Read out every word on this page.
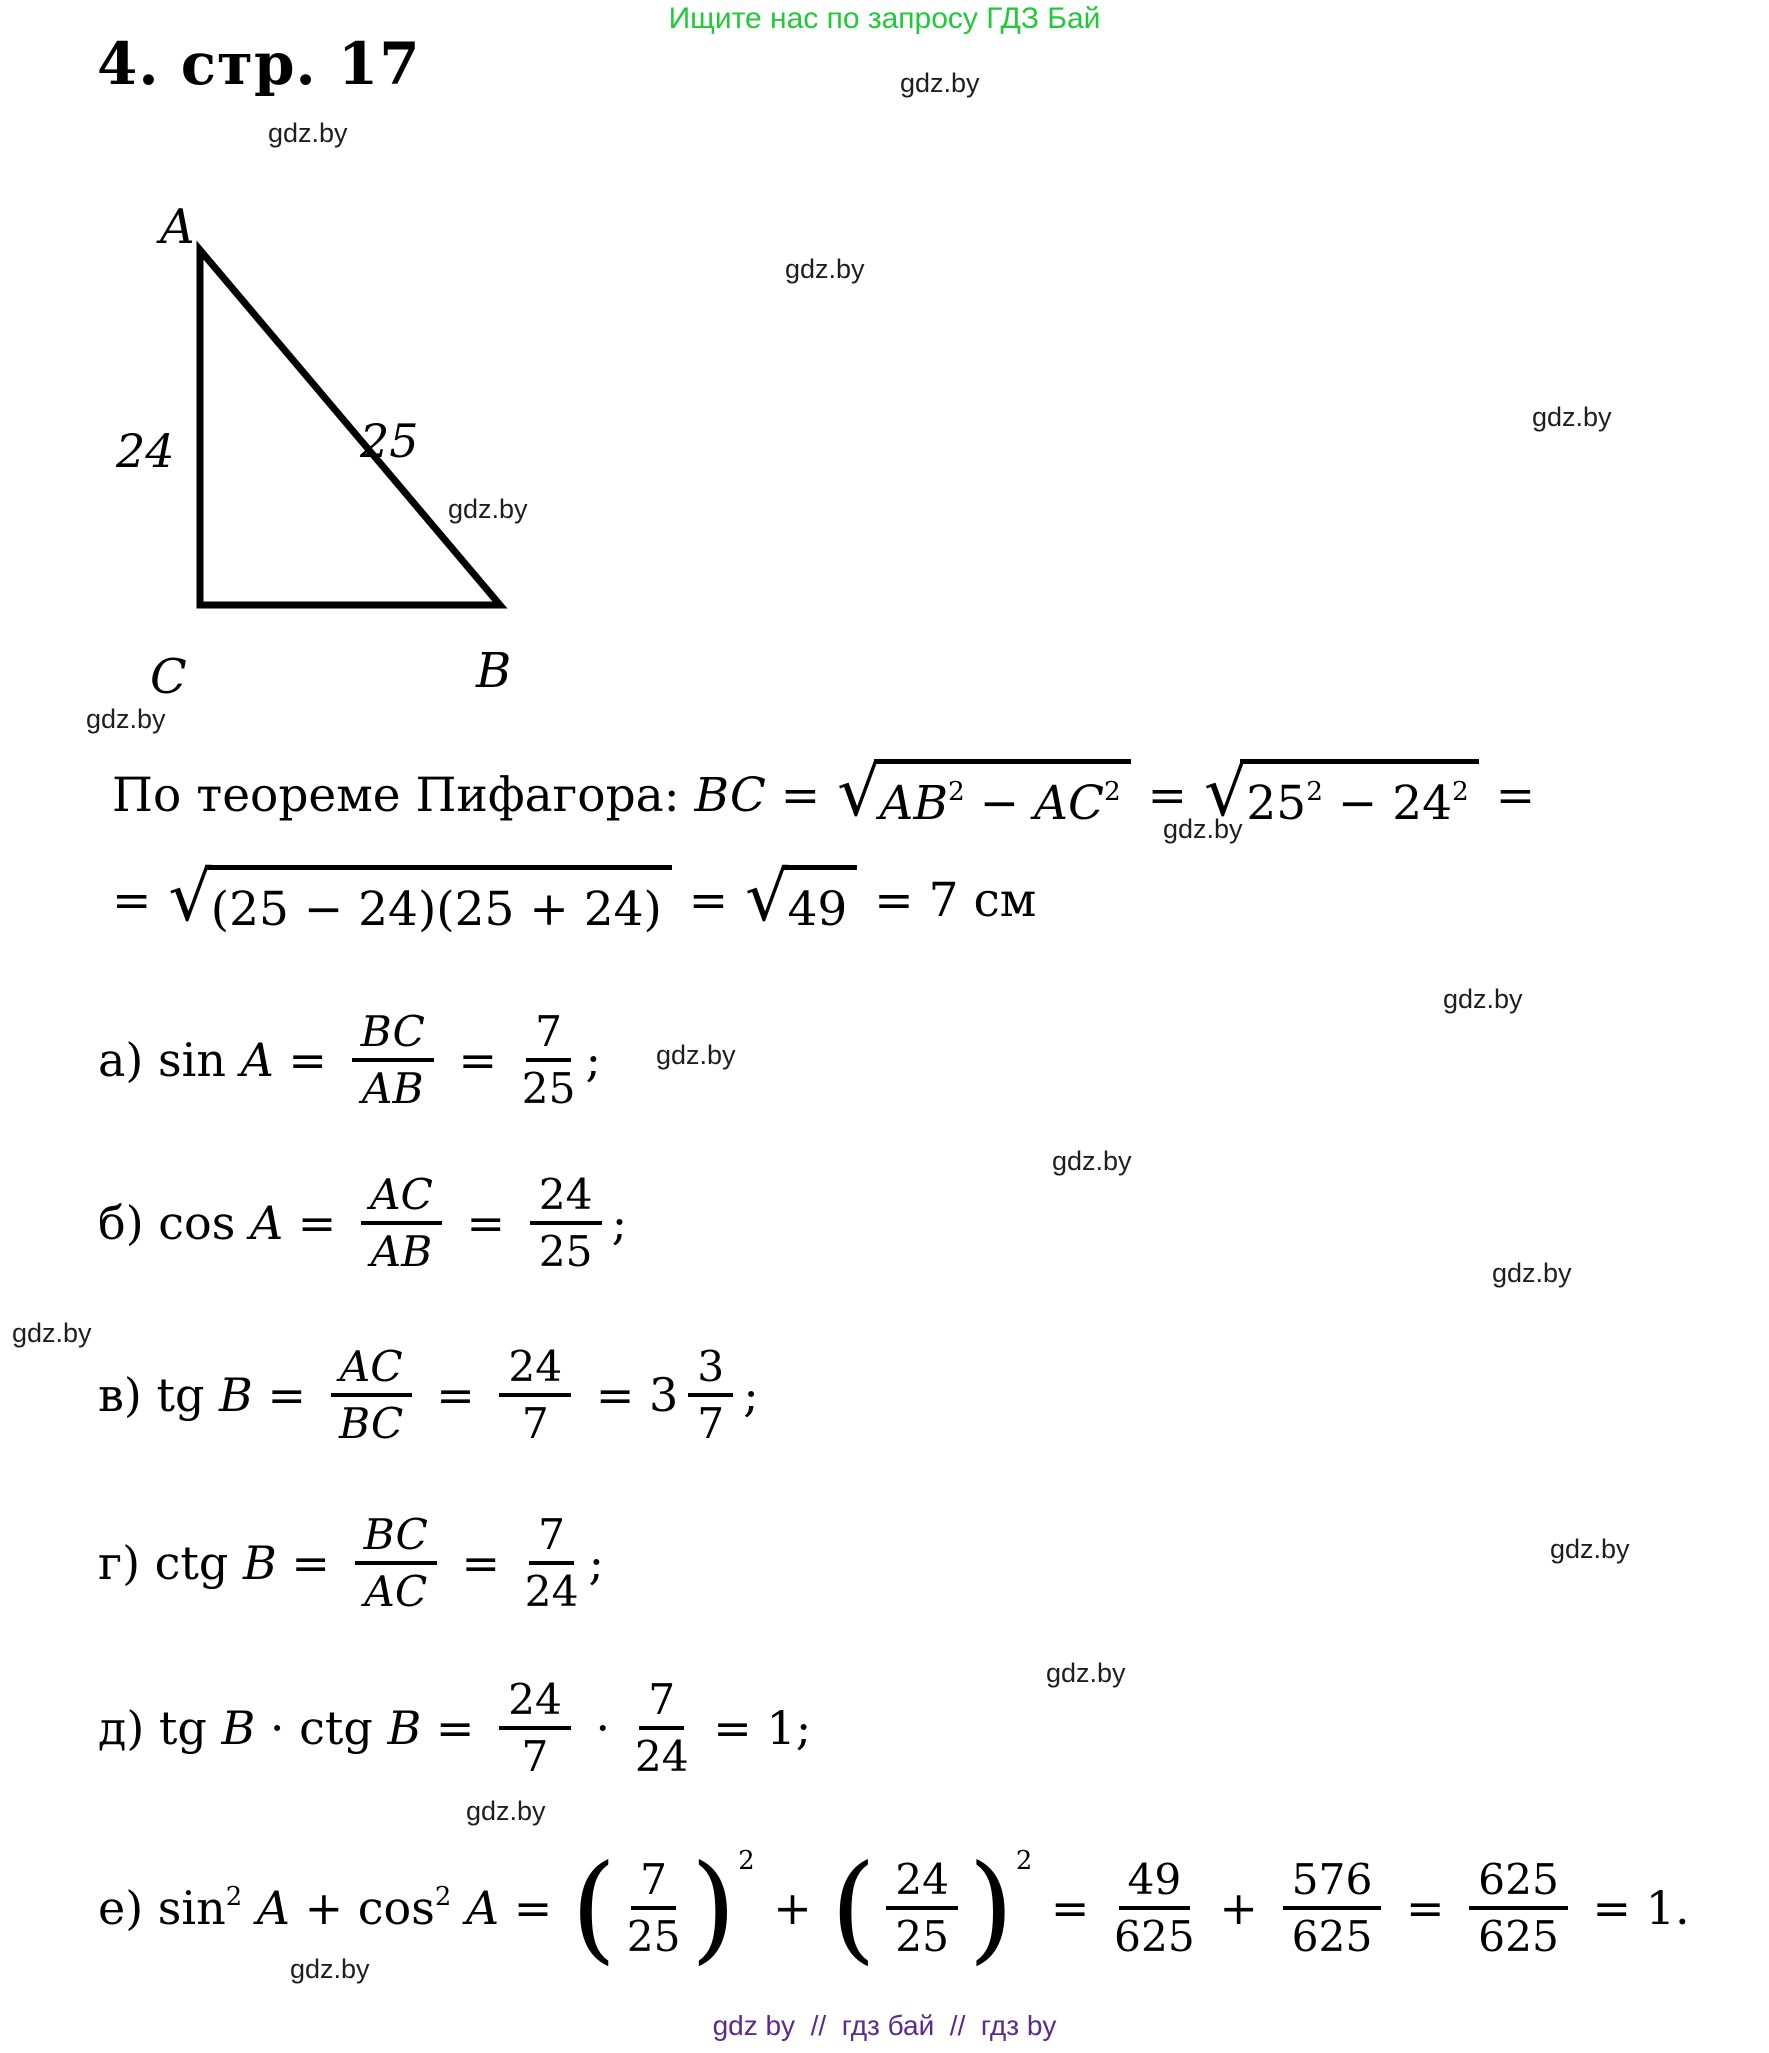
Ищите нас по запросу ГДЗ Бай
4. стр. 17
A
C	B
24	25
По теореме Пифагора: BC = √ $AB^2 - AC^2$ = √ $25^2 - 24^2$ =
= √ (25 − 24)(25 + 24) = √ 49 = 7 см
а) $\sin A = \frac{BC}{AB} = \frac{7}{25}$ ;
б) $\cos A = \frac{AC}{AB} = \frac{24}{25}$ ;
в) tg $B = \frac{AC}{BC} = \frac{24}{7} = 3 \frac{3}{7}$ ;
г) ctg $B = \frac{BC}{AC} = \frac{7}{24}$ ;
д) tg B · ctg $B = \frac{24}{7} \cdot \frac{7}{24} = 1$;
е) $\sin^2 A + \cos^2 A$ = ( $\frac{7}{25}$ ) 2
+ ( $\frac{24}{25}$ ) 2
= $\frac{49}{625} + \frac{576}{625} = \frac{625}{625} = 1$.
gdz by  //  гдз бай  //  гдз by
gdz.by
gdz.by
gdz.by
gdz.by
gdz.by
gdz.by
gdz.by
gdz.by
gdz.by
gdz.by
gdz.by
gdz.by
gdz.by
gdz.by
gdz.by
gdz.by
